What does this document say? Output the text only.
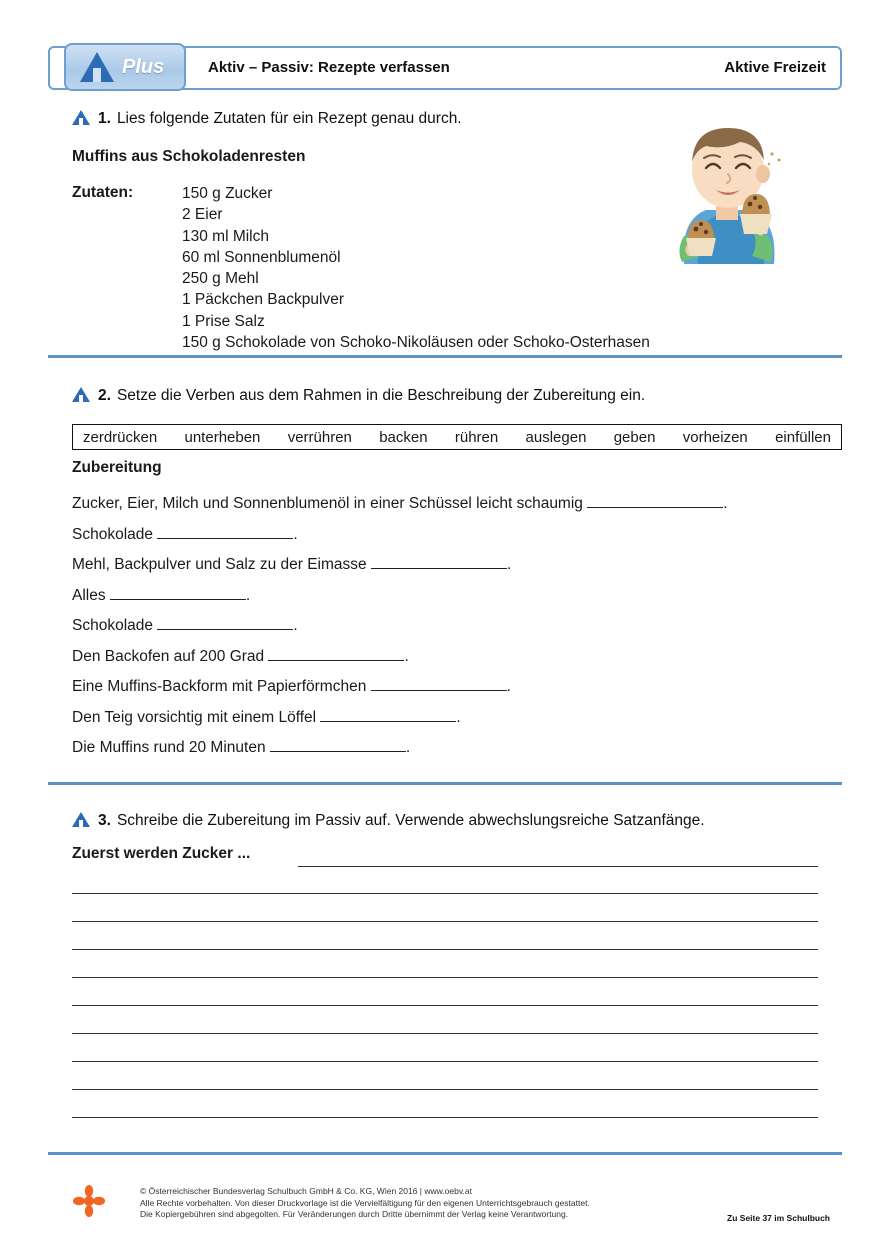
Plus	Aktiv – Passiv: Rezepte verfassen	Aktive Freizeit
1. Lies folgende Zutaten für ein Rezept genau durch.
Muffins aus Schokoladenresten
Zutaten:	150 g Zucker
2 Eier
130 ml Milch
60 ml Sonnenblumenöl
250 g Mehl
1 Päckchen Backpulver
1 Prise Salz
150 g Schokolade von Schoko-Nikoläusen oder Schoko-Osterhasen
2. Setze die Verben aus dem Rahmen in die Beschreibung der Zubereitung ein.
zerdrücken unterheben verrühren backen rühren auslegen geben vorheizen einfüllen
Zubereitung
Zucker, Eier, Milch und Sonnenblumenöl in einer Schüssel leicht schaumig	.
Schokolade	.
Mehl, Backpulver und Salz zu der Eimasse	.
Alles	.
Schokolade	.
Den Backofen auf 200 Grad	.
Eine Muffins-Backform mit Papierförmchen	.
Den Teig vorsichtig mit einem Löffel	.
Die Muffins rund 20 Minuten	.
3. Schreibe die Zubereitung im Passiv auf. Verwende abwechslungsreiche Satzanfänge.
Zuerst werden Zucker ...
© Österreichischer Bundesverlag Schulbuch GmbH & Co. KG, Wien 2016 | www.oebv.at
Alle Rechte vorbehalten. Von dieser Druckvorlage ist die Vervielfältigung für den eigenen Unterrichtsgebrauch gestattet.
Die Kopiergebühren sind abgegolten. Für Veränderungen durch Dritte übernimmt der Verlag keine Verantwortung.	Zu Seite 37 im Schulbuch
